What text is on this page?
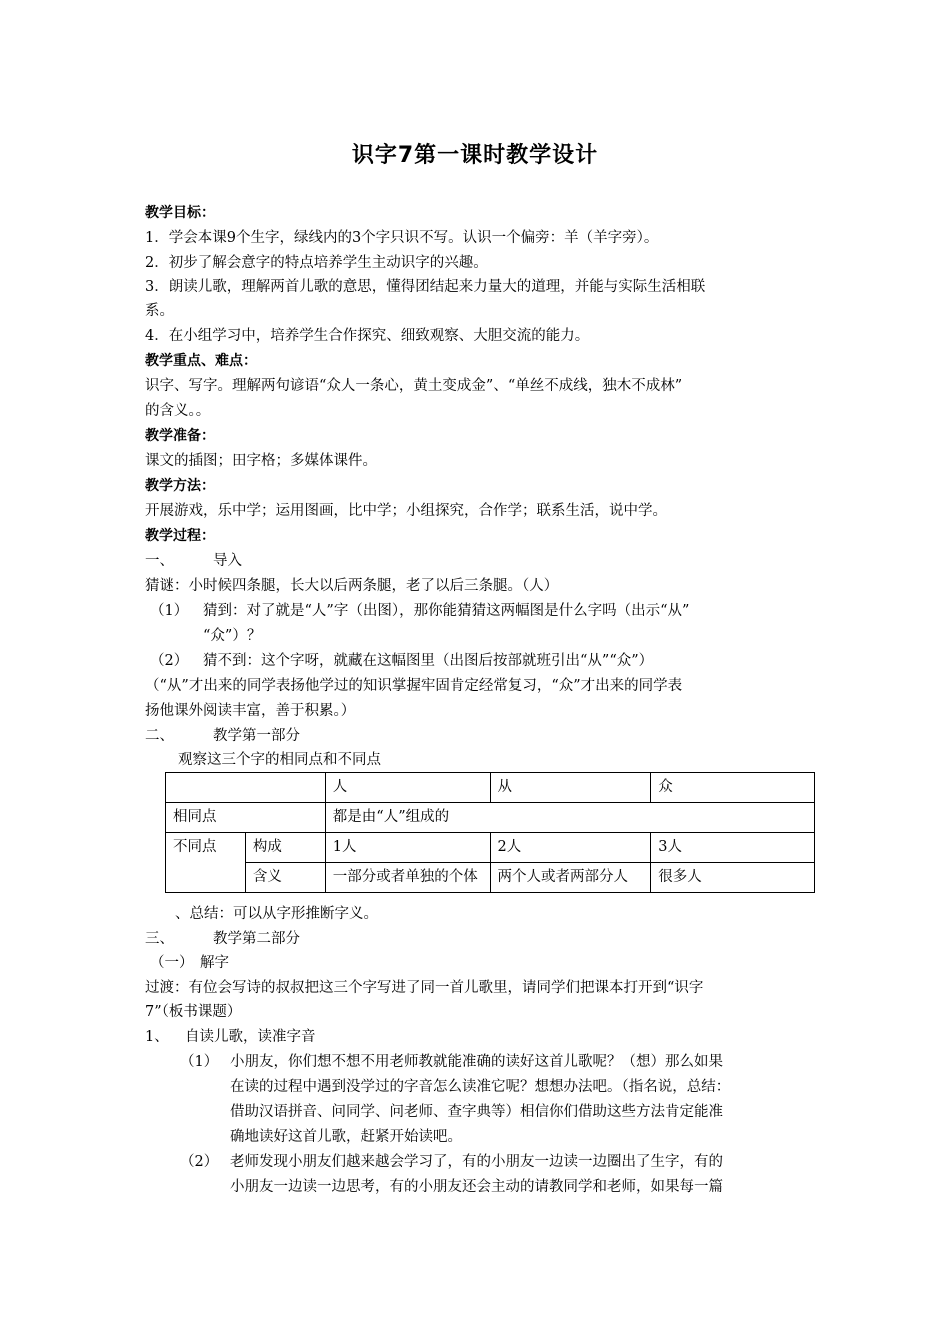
识字7第一课时教学设计
教学目标：
1．学会本课9个生字，绿线内的3个字只识不写。认识一个偏旁：羊（羊字旁）。
2．初步了解会意字的特点培养学生主动识字的兴趣。
3．朗读儿歌，理解两首儿歌的意思，懂得团结起来力量大的道理，并能与实际生活相联
系。
4．在小组学习中，培养学生合作探究、细致观察、大胆交流的能力。
教学重点、难点：
识字、写字。理解两句谚语“众人一条心，黄土变成金”、“单丝不成线，独木不成林”
的含义。。
教学准备：
课文的插图；田字格；多媒体课件。
教学方法：
开展游戏，乐中学；运用图画，比中学；小组探究，合作学；联系生活，说中学。
教学过程：
一、	导入
猜谜：小时候四条腿，长大以后两条腿，老了以后三条腿。（人）
（1） 猜到：对了就是“人”字（出图），那你能猜猜这两幅图是什么字吗（出示“从”
“众”）？
（2） 猜不到：这个字呀，就藏在这幅图里（出图后按部就班引出“从”“众”）
（“从”才出来的同学表扬他学过的知识掌握牢固肯定经常复习，“众”才出来的同学表
扬他课外阅读丰富，善于积累。）
二、	教学第一部分
观察这三个字的相同点和不同点
		人	从	众
相同点		都是由“人”组成的		
不同点	构成	1人	2人	3人
	含义	一部分或者单独的个体	两个人或者两部分人	很多人
、总结：可以从字形推断字义。
三、	教学第二部分
（一） 解字
过渡：有位会写诗的叔叔把这三个字写进了同一首儿歌里，请同学们把课本打开到“识字
7”（板书课题）
1、 自读儿歌，读准字音
（1） 小朋友，你们想不想不用老师教就能准确的读好这首儿歌呢？（想）那么如果
在读的过程中遇到没学过的字音怎么读准它呢？想想办法吧。（指名说，总结：
借助汉语拼音、问同学、问老师、查字典等）相信你们借助这些方法肯定能准
确地读好这首儿歌，赶紧开始读吧。
（2） 老师发现小朋友们越来越会学习了，有的小朋友一边读一边圈出了生字，有的
小朋友一边读一边思考，有的小朋友还会主动的请教同学和老师，如果每一篇
